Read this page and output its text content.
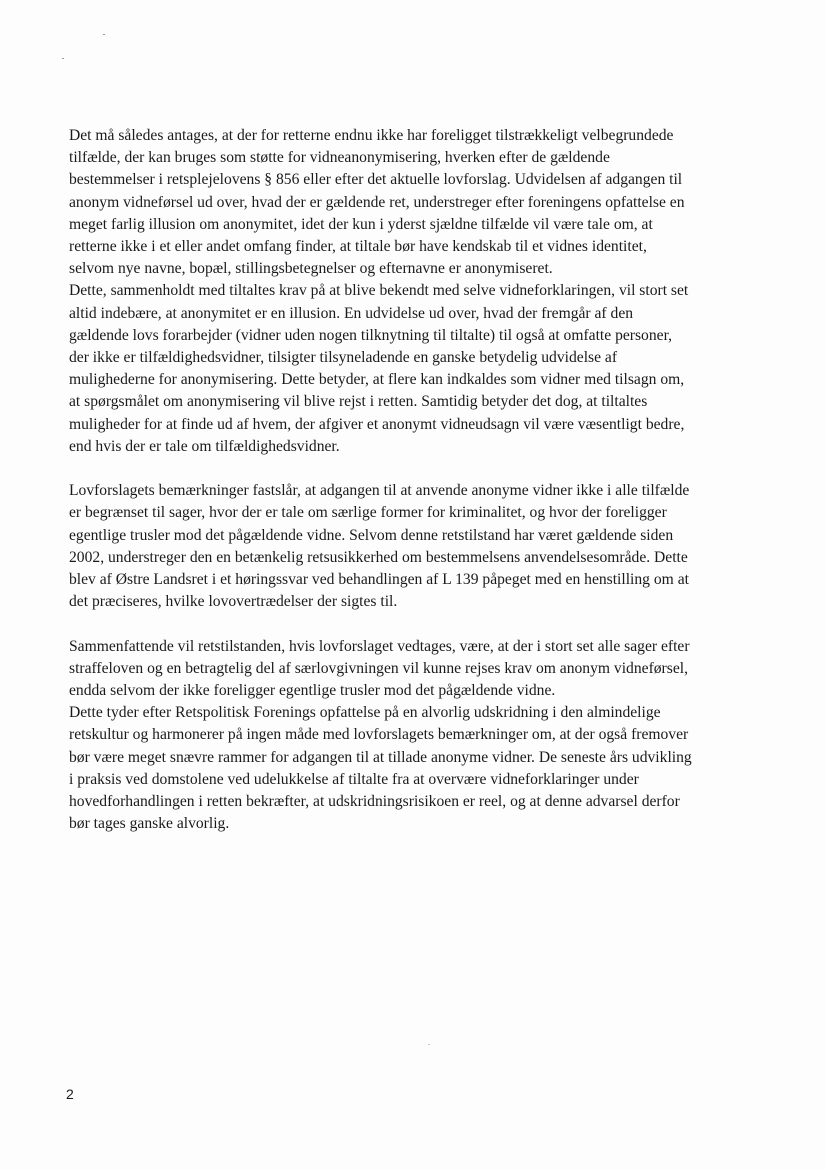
Det må således antages, at der for retterne endnu ikke har foreligget tilstrækkeligt velbegrundede
tilfælde, der kan bruges som støtte for vidneanonymisering, hverken efter de gældende
bestemmelser i retsplejelovens § 856 eller efter det aktuelle lovforslag. Udvidelsen af adgangen til
anonym vidneførsel ud over, hvad der er gældende ret, understreger efter foreningens opfattelse en
meget farlig illusion om anonymitet, idet der kun i yderst sjældne tilfælde vil være tale om, at
retterne ikke i et eller andet omfang finder, at tiltale bør have kendskab til et vidnes identitet,
selvom nye navne, bopæl, stillingsbetegnelser og efternavne er anonymiseret.
Dette, sammenholdt med tiltaltes krav på at blive bekendt med selve vidneforklaringen, vil stort set
altid indebære, at anonymitet er en illusion. En udvidelse ud over, hvad der fremgår af den
gældende lovs forarbejder (vidner uden nogen tilknytning til tiltalte) til også at omfatte personer,
der ikke er tilfældighedsvidner, tilsigter tilsyneladende en ganske betydelig udvidelse af
mulighederne for anonymisering. Dette betyder, at flere kan indkaldes som vidner med tilsagn om,
at spørgsmålet om anonymisering vil blive rejst i retten. Samtidig betyder det dog, at tiltaltes
muligheder for at finde ud af hvem, der afgiver et anonymt vidneudsagn vil være væsentligt bedre,
end hvis der er tale om tilfældighedsvidner.
Lovforslagets bemærkninger fastslår, at adgangen til at anvende anonyme vidner ikke i alle tilfælde
er begrænset til sager, hvor der er tale om særlige former for kriminalitet, og hvor der foreligger
egentlige trusler mod det pågældende vidne. Selvom denne retstilstand har været gældende siden
2002, understreger den en betænkelig retsusikkerhed om bestemmelsens anvendelsesområde. Dette
blev af Østre Landsret i et høringssvar ved behandlingen af L 139 påpeget med en henstilling om at
det præciseres, hvilke lovovertrædelser der sigtes til.
Sammenfattende vil retstilstanden, hvis lovforslaget vedtages, være, at der i stort set alle sager efter
straffeloven og en betragtelig del af særlovgivningen vil kunne rejses krav om anonym vidneførsel,
endda selvom der ikke foreligger egentlige trusler mod det pågældende vidne.
Dette tyder efter Retspolitisk Forenings opfattelse på en alvorlig udskridning i den almindelige
retskultur og harmonerer på ingen måde med lovforslagets bemærkninger om, at der også fremover
bør være meget snævre rammer for adgangen til at tillade anonyme vidner. De seneste års udvikling
i praksis ved domstolene ved udelukkelse af tiltalte fra at overvære vidneforklaringer under
hovedforhandlingen i retten bekræfter, at udskridningsrisikoen er reel, og at denne advarsel derfor
bør tages ganske alvorlig.
2
